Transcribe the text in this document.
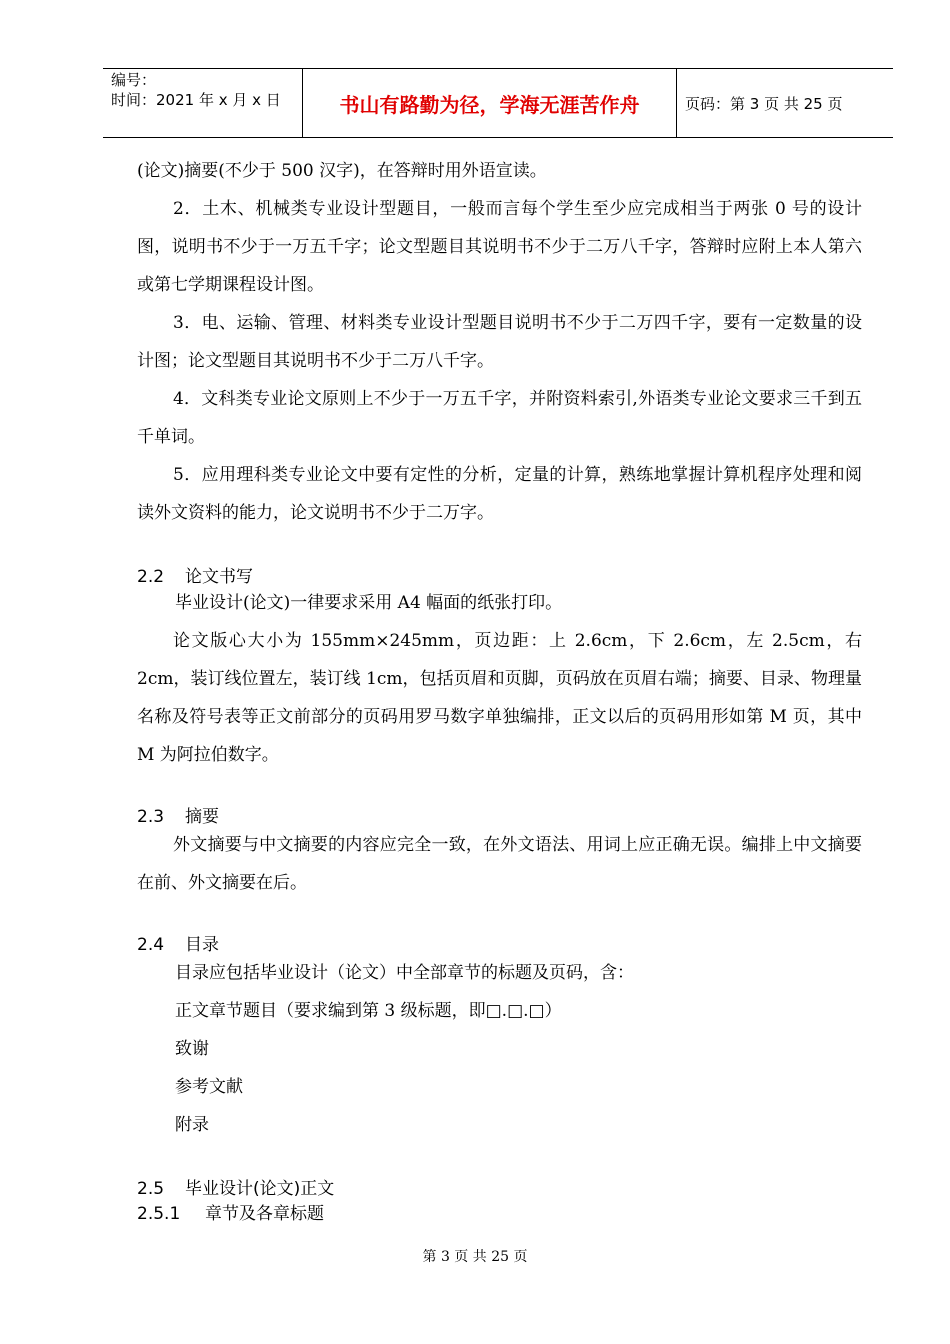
编号：
时间：2021 年 x 月 x 日	书山有路勤为径，学海无涯苦作舟	页码：第 3 页 共 25 页

(论文)摘要(不少于 500 汉字)，在答辩时用外语宣读。

2．土木、机械类专业设计型题目，一般而言每个学生至少应完成相当于两张 0 号的设计图，说明书不少于一万五千字；论文型题目其说明书不少于二万八千字，答辩时应附上本人第六或第七学期课程设计图。

3．电、运输、管理、材料类专业设计型题目说明书不少于二万四千字，要有一定数量的设计图；论文型题目其说明书不少于二万八千字。

4．文科类专业论文原则上不少于一万五千字，并附资料索引,外语类专业论文要求三千到五千单词。

5．应用理科类专业论文中要有定性的分析，定量的计算，熟练地掌握计算机程序处理和阅读外文资料的能力，论文说明书不少于二万字。

2.2 论文书写

毕业设计(论文)一律要求采用 A4 幅面的纸张打印。

论文版心大小为 155mm×245mm，页边距：上 2.6cm，下 2.6cm，左 2.5cm，右 2cm，装订线位置左，装订线 1cm，包括页眉和页脚，页码放在页眉右端；摘要、目录、物理量名称及符号表等正文前部分的页码用罗马数字单独编排，正文以后的页码用形如第 M 页，其中 M 为阿拉伯数字。

2.3 摘要

外文摘要与中文摘要的内容应完全一致，在外文语法、用词上应正确无误。编排上中文摘要在前、外文摘要在后。

2.4 目录

目录应包括毕业设计（论文）中全部章节的标题及页码，含：

正文章节题目（要求编到第 3 级标题，即□.□.□）

致谢

参考文献

附录

2.5 毕业设计(论文)正文
2.5.1 章节及各章标题
第 3 页 共 25 页
